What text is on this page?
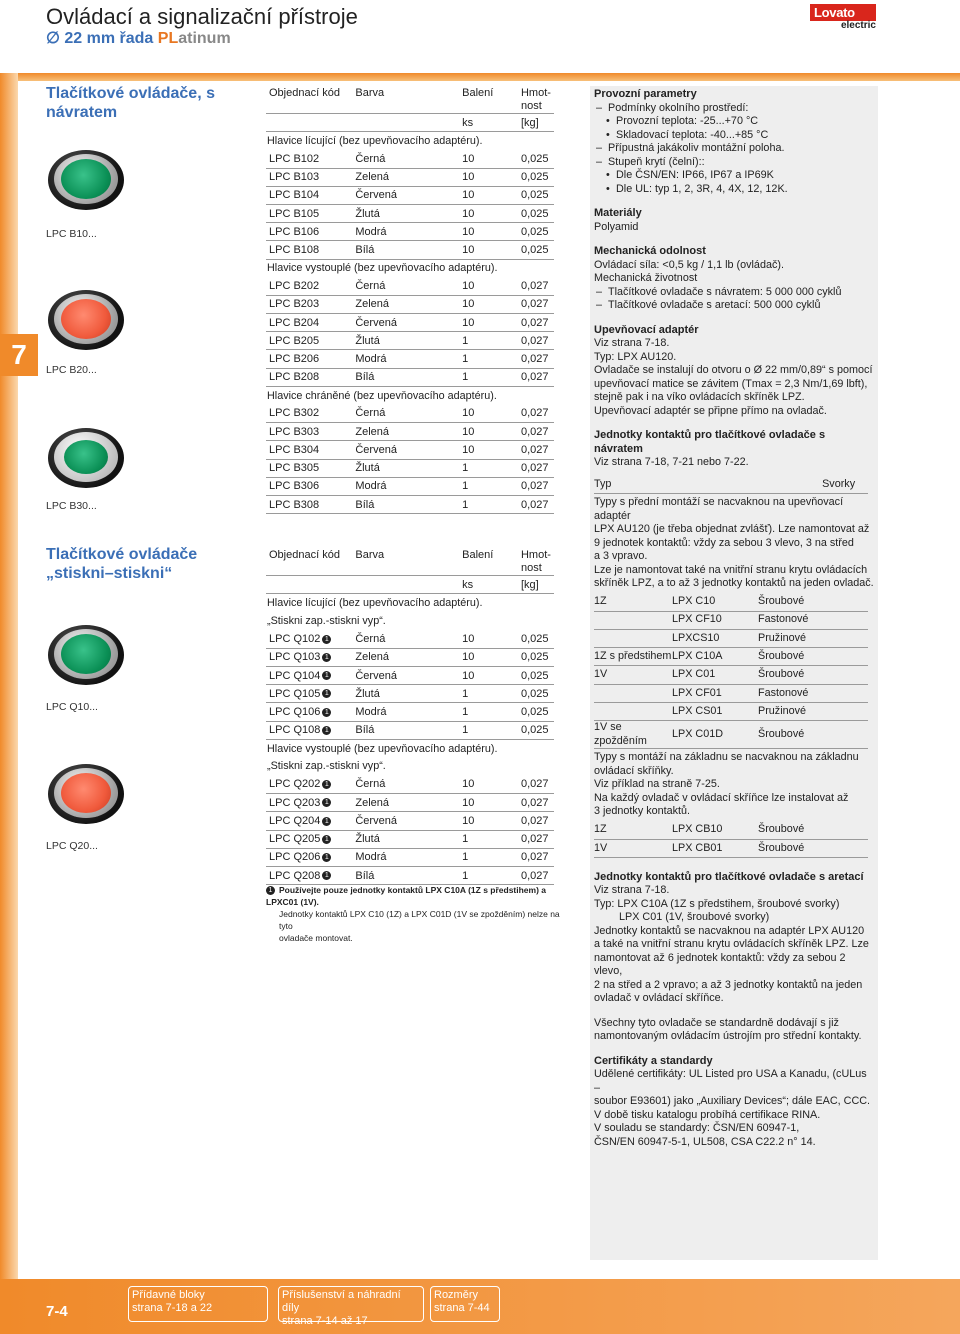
Ovládací a signalizační přístroje
∅ 22 mm řada PLatinum
Lovato
electric
7
Tlačítkové ovládače, s návratem
LPC B10...
LPC B20...
LPC B30...
Tlačítkové ovládače „stiskni–stiskni“
LPC Q10...
LPC Q20...
Objednací kód	Barva	Balení	Hmot-nost
		ks	[kg]
Hlavice lícující (bez upevňovacího adaptéru).			
LPC B102	Černá	10	0,025
LPC B103	Zelená	10	0,025
LPC B104	Červená	10	0,025
LPC B105	Žlutá	10	0,025
LPC B106	Modrá	10	0,025
LPC B108	Bílá	10	0,025
Hlavice vystouplé (bez upevňovacího adaptéru).			
LPC B202	Černá	10	0,027
LPC B203	Zelená	10	0,027
LPC B204	Červená	10	0,027
LPC B205	Žlutá	1	0,027
LPC B206	Modrá	1	0,027
LPC B208	Bílá	1	0,027
Hlavice chráněné (bez upevňovacího adaptéru).			
LPC B302	Černá	10	0,027
LPC B303	Zelená	10	0,027
LPC B304	Červená	10	0,027
LPC B305	Žlutá	1	0,027
LPC B306	Modrá	1	0,027
LPC B308	Bílá	1	0,027
Objednací kód	Barva	Balení	Hmot-nost
		ks	[kg]
Hlavice lícující (bez upevňovacího adaptéru).			
„Stiskni zap.-stiskni vyp“.			
LPC Q102 1	Černá	10	0,025
LPC Q103 1	Zelená	10	0,025
LPC Q104 1	Červená	10	0,025
LPC Q105 1	Žlutá	1	0,025
LPC Q106 1	Modrá	1	0,025
LPC Q108 1	Bílá	1	0,025
Hlavice vystouplé (bez upevňovacího adaptéru).			
„Stiskni zap.-stiskni vyp“.			
LPC Q202 1	Černá	10	0,027
LPC Q203 1	Zelená	10	0,027
LPC Q204 1	Červená	10	0,027
LPC Q205 1	Žlutá	1	0,027
LPC Q206 1	Modrá	1	0,027
LPC Q208 1	Bílá	1	0,027
1 Používejte pouze jednotky kontaktů LPX C10A (1Z s předstihem) a LPXC01 (1V).
Jednotky kontaktů LPX C10 (1Z) a LPX C01D (1V se zpožděním) nelze na tyto
ovladače montovat.
Provozní parametry
– Podmínky okolního prostředí:
• Provozní teplota: -25...+70 °C
• Skladovací teplota: -40...+85 °C
– Přípustná jakákoliv montážní poloha.
– Stupeň krytí (čelní)::
• Dle ČSN/EN: IP66, IP67 a IP69K
• Dle UL: typ 1, 2, 3R, 4, 4X, 12, 12K.
Materiály
Polyamid
Mechanická odolnost
Ovládací síla: <0,5 kg / 1,1 lb (ovládač).
Mechanická životnost
– Tlačítkové ovladače s návratem: 5 000 000 cyklů
– Tlačítkové ovladače s aretací: 500 000 cyklů
Upevňovací adaptér
Viz strana 7-18.
Typ: LPX AU120.
Ovladače se instalují do otvoru o Ø 22 mm/0,89“ s pomocí
upevňovací matice se závitem (Tmax = 2,3 Nm/1,69 lbft),
stejně pak i na víko ovládacích skříněk LPZ.
Upevňovací adaptér se připne přímo na ovladač.
Jednotky kontaktů pro tlačítkové ovladače s návratem
Viz strana 7-18, 7-21 nebo 7-22.
Typ	Svorky
Typy s přední montáží se nacvaknou na upevňovací adaptér
LPX AU120 (je třeba objednat zvlášť). Lze namontovat až
9 jednotek kontaktů: vždy za sebou 3 vlevo, 3 na střed
a 3 vpravo.
Lze je namontovat také na vnitřní stranu krytu ovládacích
skříněk LPZ, a to až 3 jednotky kontaktů na jeden ovladač.
1Z	LPX C10	Šroubové
	LPX CF10	Fastonové
	LPXCS10	Pružinové
1Z s předstihem	LPX C10A	Šroubové
1V	LPX C01	Šroubové
	LPX CF01	Fastonové
	LPX CS01	Pružinové
1V se zpožděním	LPX C01D	Šroubové
Typy s montáží na základnu se nacvaknou na základnu
ovládací skříňky.
Viz příklad na straně 7-25.
Na každý ovladač v ovládací skříňce lze instalovat až
3 jednotky kontaktů.
1Z	LPX CB10	Šroubové
1V	LPX CB01	Šroubové
Jednotky kontaktů pro tlačítkové ovladače s aretací
Viz strana 7-18.
Typ: LPX C10A (1Z s předstihem, šroubové svorky)
LPX C01 (1V, šroubové svorky)
Jednotky kontaktů se nacvaknou na adaptér LPX AU120
a také na vnitřní stranu krytu ovládacích skříněk LPZ. Lze
namontovat až 6 jednotek kontaktů: vždy za sebou 2 vlevo,
2 na střed a 2 vpravo; a až 3 jednotky kontaktů na jeden
ovladač v ovládací skříňce.
Všechny tyto ovladače se standardně dodávají s již
namontovaným ovládacím ústrojím pro střední kontakty.
Certifikáty a standardy
Udělené certifikáty: UL Listed pro USA a Kanadu, (cULus –
soubor E93601) jako „Auxiliary Devices“; dále EAC, CCC.
V době tisku katalogu probíhá certifikace RINA.
V souladu se standardy: ČSN/EN 60947-1,
ČSN/EN 60947-5-1, UL508, CSA C22.2 n° 14.
7-4
Přídavné bloky
strana 7-18 a 22
Příslušenství a náhradní díly
strana 7-14 až 17
Rozměry
strana 7-44
